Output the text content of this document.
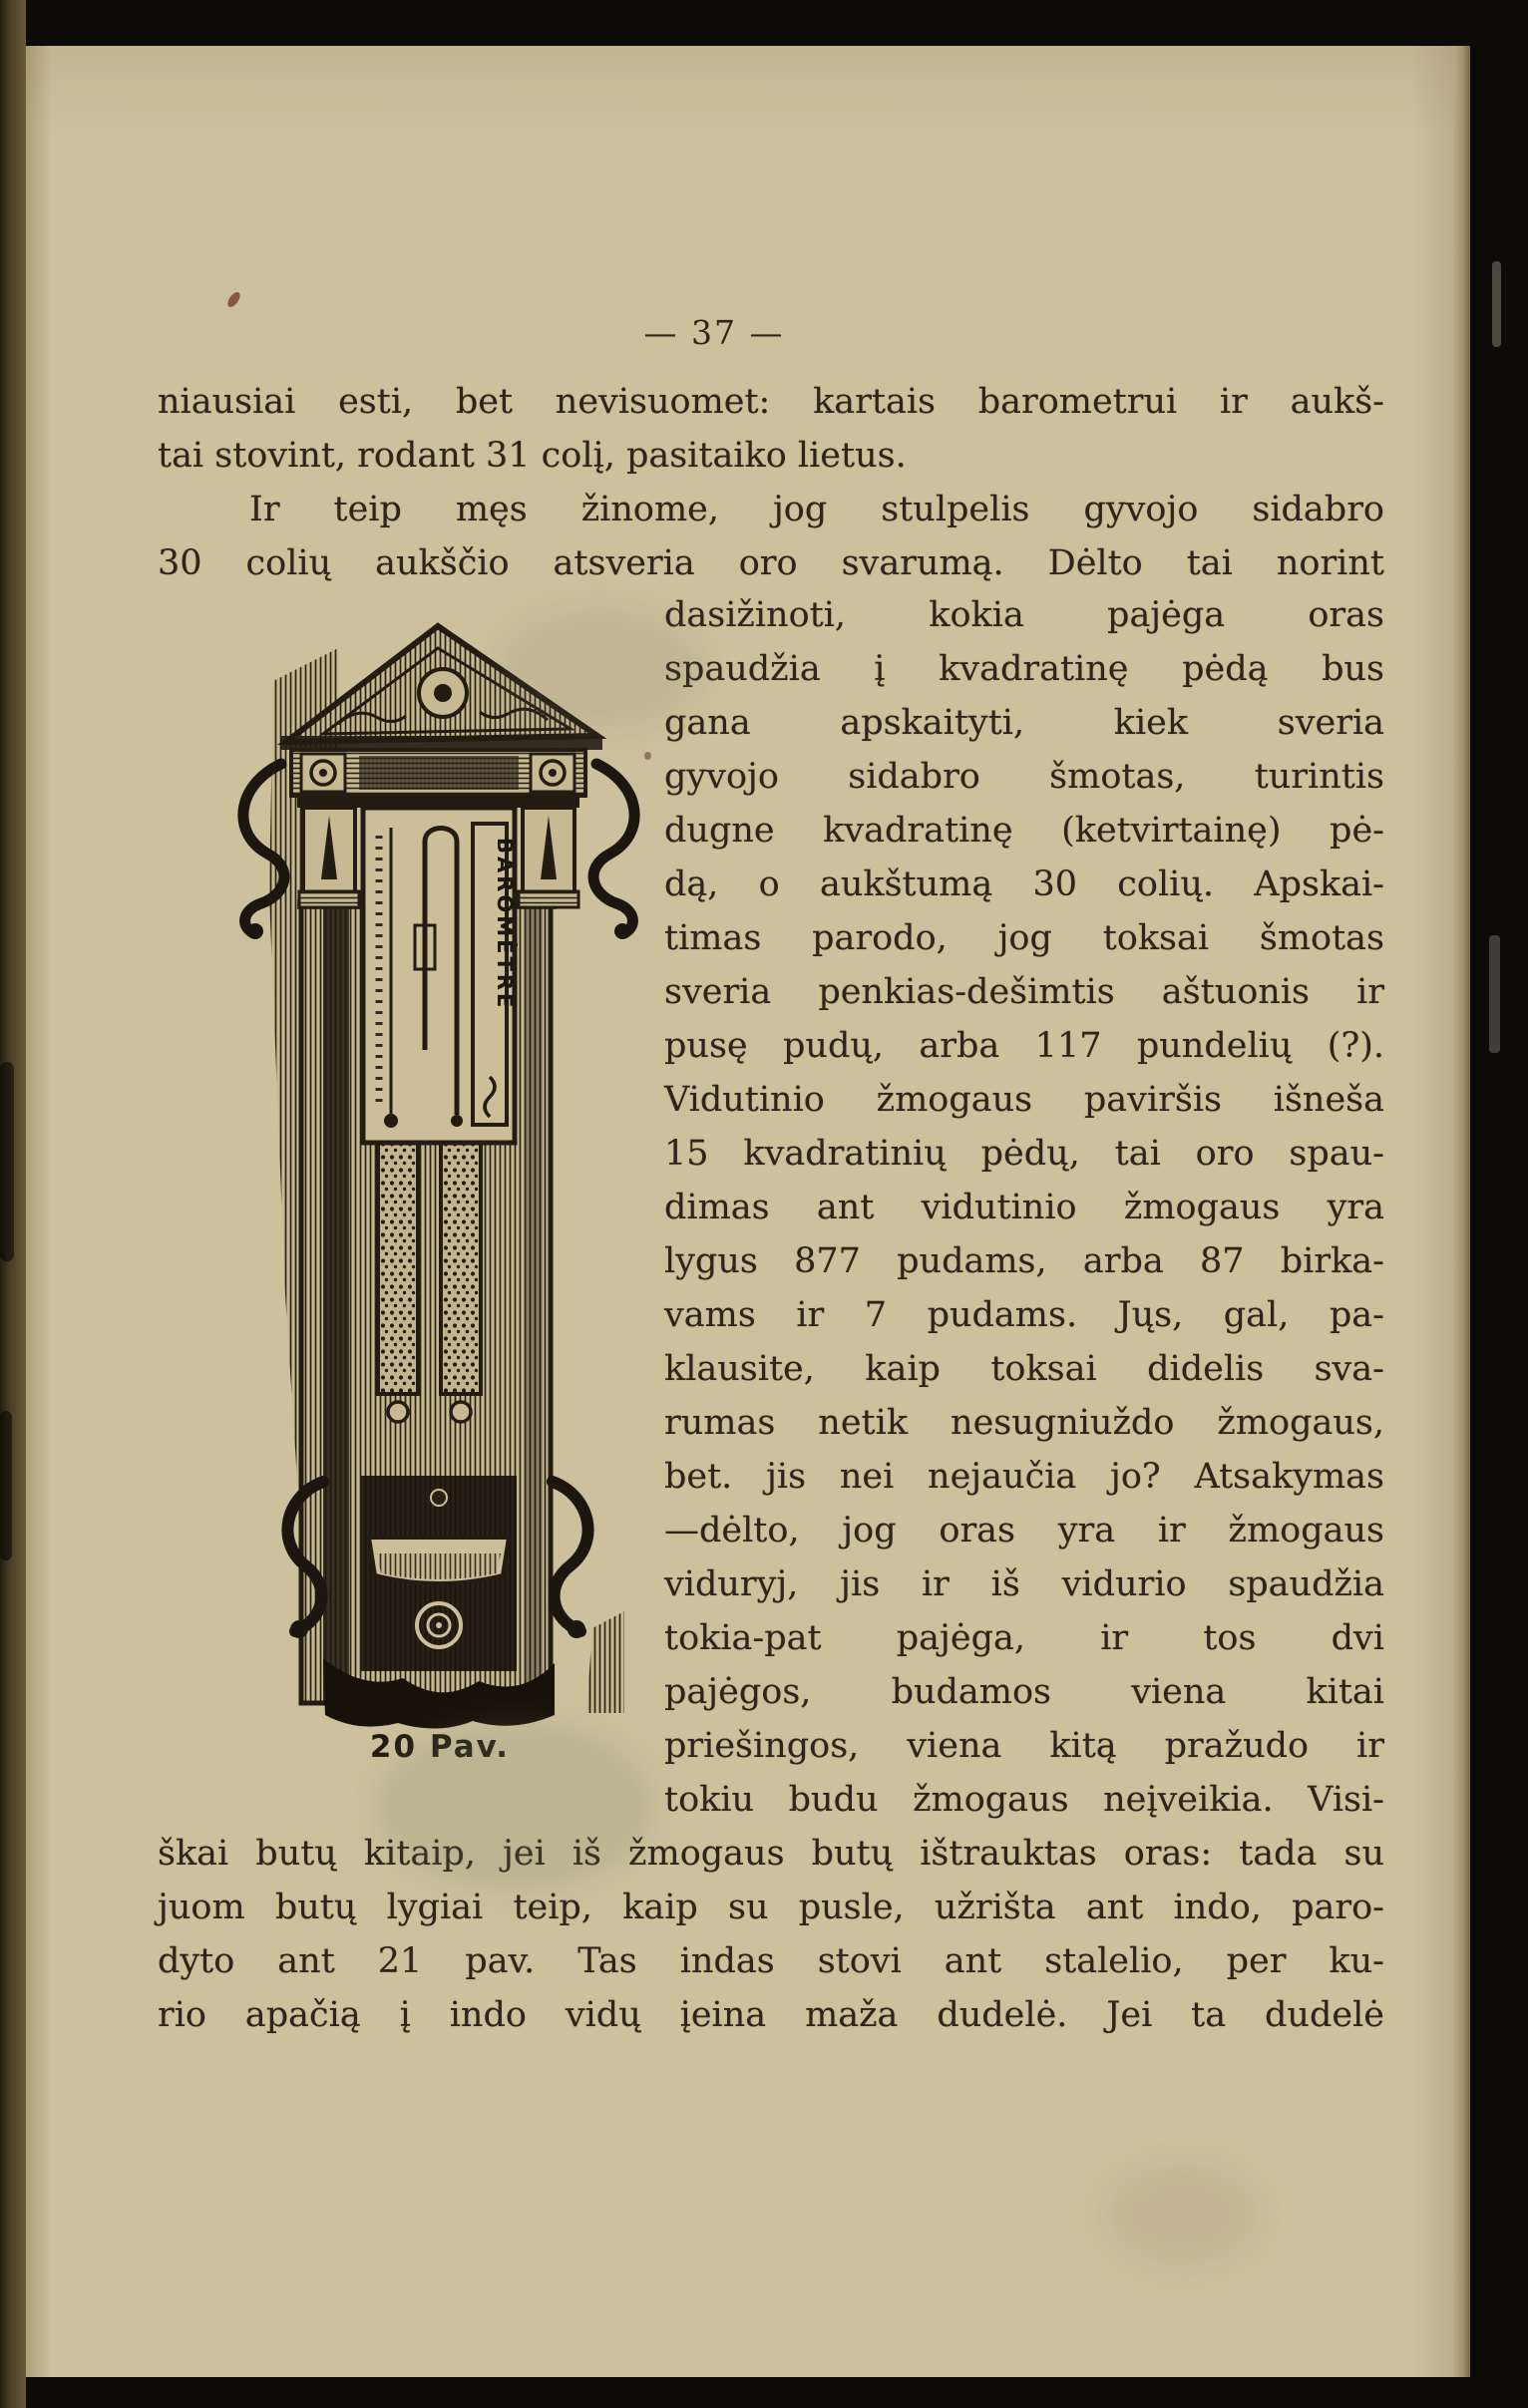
— 37 —
niausiai esti, bet nevisuomet: kartais barometrui ir aukš-
tai stovint, rodant 31 colį, pasitaiko lietus.
Ir teip męs žinome, jog stulpelis gyvojo sidabro
30 colių aukščio atsveria oro svarumą. Dėlto tai norint
dasižinoti, kokia pajėga oras
spaudžia į kvadratinę pėdą bus
gana apskaityti, kiek sveria
gyvojo sidabro šmotas, turintis
dugne kvadratinę (ketvirtainę) pė-
dą, o aukštumą 30 colių. Apskai-
timas parodo, jog toksai šmotas
sveria penkias-dešimtis aštuonis ir
pusę pudų, arba 117 pundelių (?).
Vidutinio žmogaus paviršis išneša
15 kvadratinių pėdų, tai oro spau-
dimas ant vidutinio žmogaus yra
lygus 877 pudams, arba 87 birka-
vams ir 7 pudams. Jųs, gal, pa-
klausite, kaip toksai didelis sva-
rumas netik nesugniuždo žmogaus,
bet. jis nei nejaučia jo? Atsakymas
—dėlto, jog oras yra ir žmogaus
viduryj, jis ir iš vidurio spaudžia
tokia-pat pajėga, ir tos dvi
pajėgos, budamos viena kitai
priešingos, viena kitą pražudo ir
tokiu budu žmogaus neįveikia. Visi-
škai butų kitaip, jei iš žmogaus butų ištrauktas oras: tada su
juom butų lygiai teip, kaip su pusle, užrišta ant indo, paro-
dyto ant 21 pav. Tas indas stovi ant stalelio, per ku-
rio apačią į indo vidų įeina maža dudelė. Jei ta dudelė
BAROMÈTRE
20 Pav.
